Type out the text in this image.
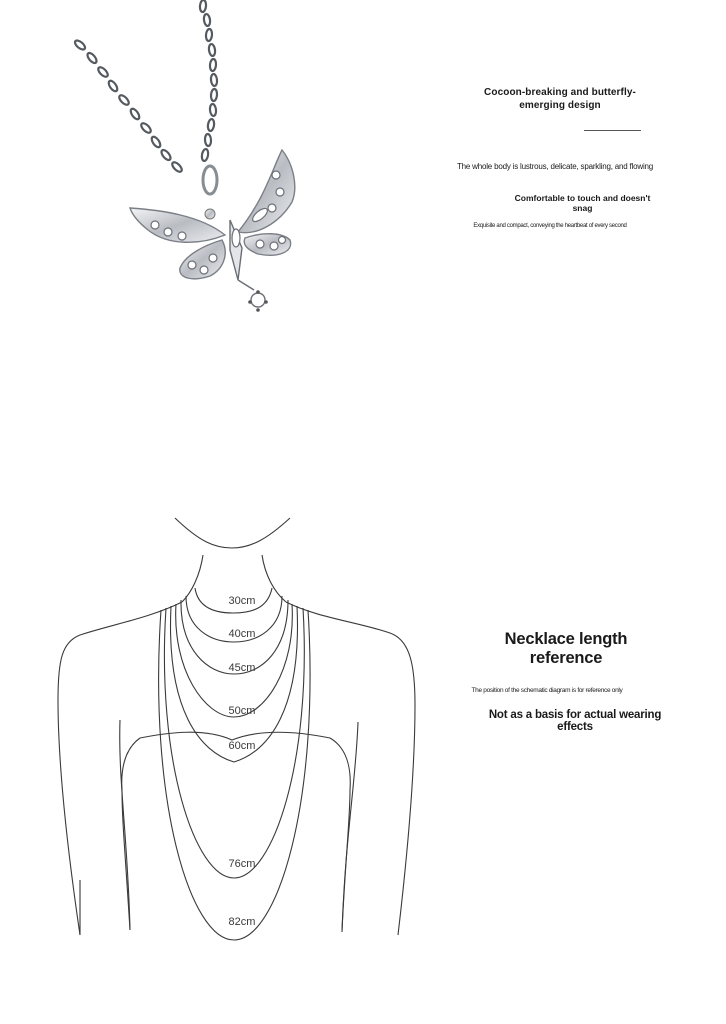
Cocoon-breaking and butterfly-emerging design
The whole body is lustrous, delicate, sparkling, and flowing
Comfortable to touch and doesn't snag
Exquisite and compact, conveying the heartbeat of every second
30cm
40cm
45cm
50cm
60cm
76cm
82cm
Necklace length reference
The position of the schematic diagram is for reference only
Not as a basis for actual wearing effects
